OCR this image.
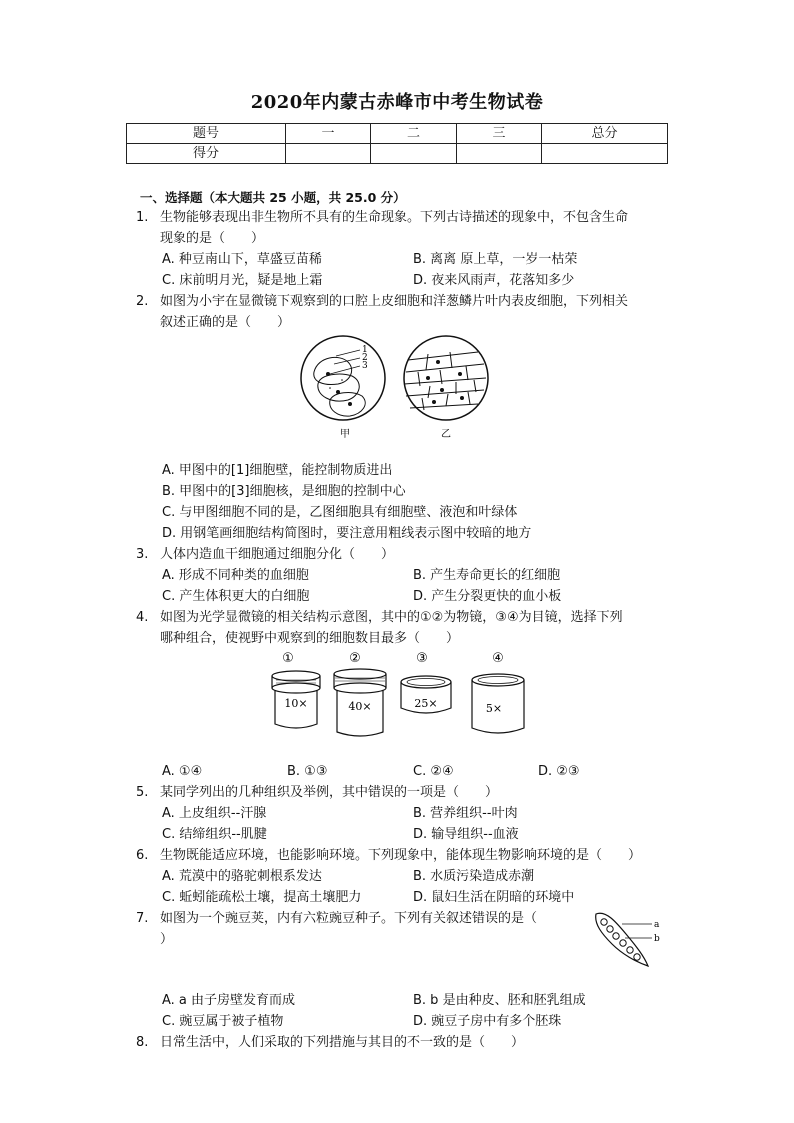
2020年内蒙古赤峰市中考生物试卷
题号	一	二	三	总分
得分				
一、选择题（本大题共 25 小题，共 25.0 分）
1. 生物能够表现出非生物所不具有的生命现象。下列古诗描述的现象中，不包含生命
现象的是（　　）
A. 种豆南山下，草盛豆苗稀	B. 离离 原上草，一岁一枯荣
C. 床前明月光，疑是地上霜	D. 夜来风雨声，花落知多少
2. 如图为小宇在显微镜下观察到的口腔上皮细胞和洋葱鳞片叶内表皮细胞，下列相关
叙述正确的是（　　）
1
2
3
甲	乙
A. 甲图中的[1]细胞壁，能控制物质进出
B. 甲图中的[3]细胞核，是细胞的控制中心
C. 与甲图细胞不同的是，乙图细胞具有细胞壁、液泡和叶绿体
D. 用钢笔画细胞结构简图时，要注意用粗线表示图中较暗的地方
3. 人体内造血干细胞通过细胞分化（　　）
A. 形成不同种类的血细胞	B. 产生寿命更长的红细胞
C. 产生体积更大的白细胞	D. 产生分裂更快的血小板
4. 如图为光学显微镜的相关结构示意图，其中的①②为物镜，③④为目镜，选择下列
哪种组合，使视野中观察到的细胞数目最多（　　）
①	②	③	④
10×	40×	25×	5×
A. ①④	B. ①③	C. ②④	D. ②③
5. 某同学列出的几种组织及举例，其中错误的一项是（　　）
A. 上皮组织--汗腺	B. 营养组织--叶肉
C. 结缔组织--肌腱	D. 输导组织--血液
6. 生物既能适应环境，也能影响环境。下列现象中，能体现生物影响环境的是（　　）
A. 荒漠中的骆驼刺根系发达	B. 水质污染造成赤潮
C. 蚯蚓能疏松土壤，提高土壤肥力	D. 鼠妇生活在阴暗的环境中
7. 如图为一个豌豆荚，内有六粒豌豆种子。下列有关叙述错误的是（
）
a
b
A. a 由子房壁发育而成	B. b 是由种皮、胚和胚乳组成
C. 豌豆属于被子植物	D. 豌豆子房中有多个胚珠
8. 日常生活中，人们采取的下列措施与其目的不一致的是（　　）
